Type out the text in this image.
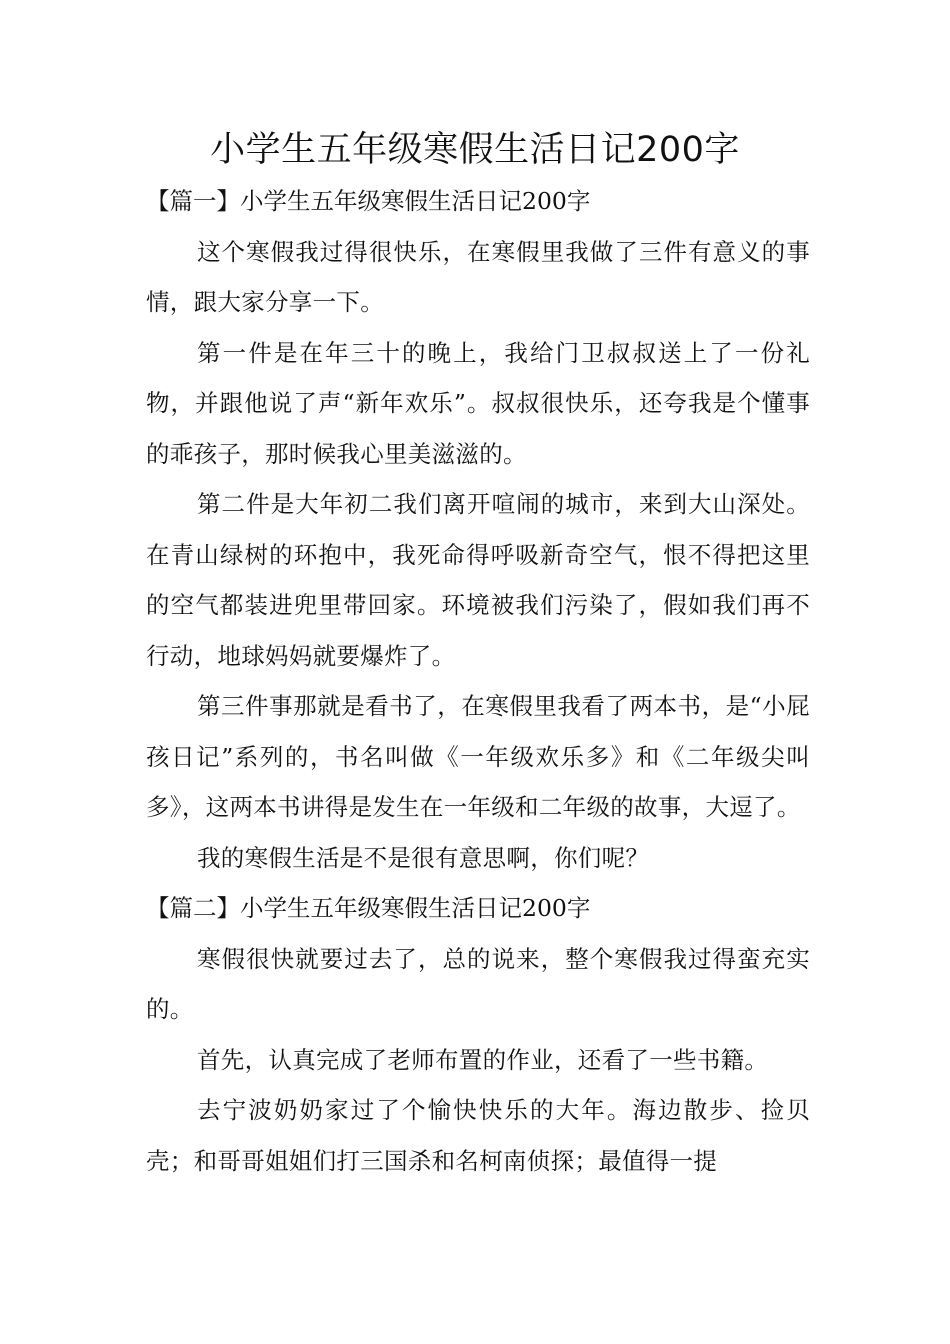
小学生五年级寒假生活日记200字

【篇一】小学生五年级寒假生活日记200字

这个寒假我过得很快乐，在寒假里我做了三件有意义的事情，跟大家分享一下。

第一件是在年三十的晚上，我给门卫叔叔送上了一份礼物，并跟他说了声“新年欢乐”。叔叔很快乐，还夸我是个懂事的乖孩子，那时候我心里美滋滋的。

第二件是大年初二我们离开喧闹的城市，来到大山深处。在青山绿树的环抱中，我死命得呼吸新奇空气，恨不得把这里的空气都装进兜里带回家。环境被我们污染了，假如我们再不行动，地球妈妈就要爆炸了。

第三件事那就是看书了，在寒假里我看了两本书，是“小屁孩日记”系列的，书名叫做《一年级欢乐多》和《二年级尖叫多》，这两本书讲得是发生在一年级和二年级的故事，大逗了。

我的寒假生活是不是很有意思啊，你们呢？

【篇二】小学生五年级寒假生活日记200字

寒假很快就要过去了，总的说来，整个寒假我过得蛮充实的。

首先，认真完成了老师布置的作业，还看了一些书籍。

去宁波奶奶家过了个愉快快乐的大年。海边散步、捡贝壳；和哥哥姐姐们打三国杀和名柯南侦探；最值得一提
